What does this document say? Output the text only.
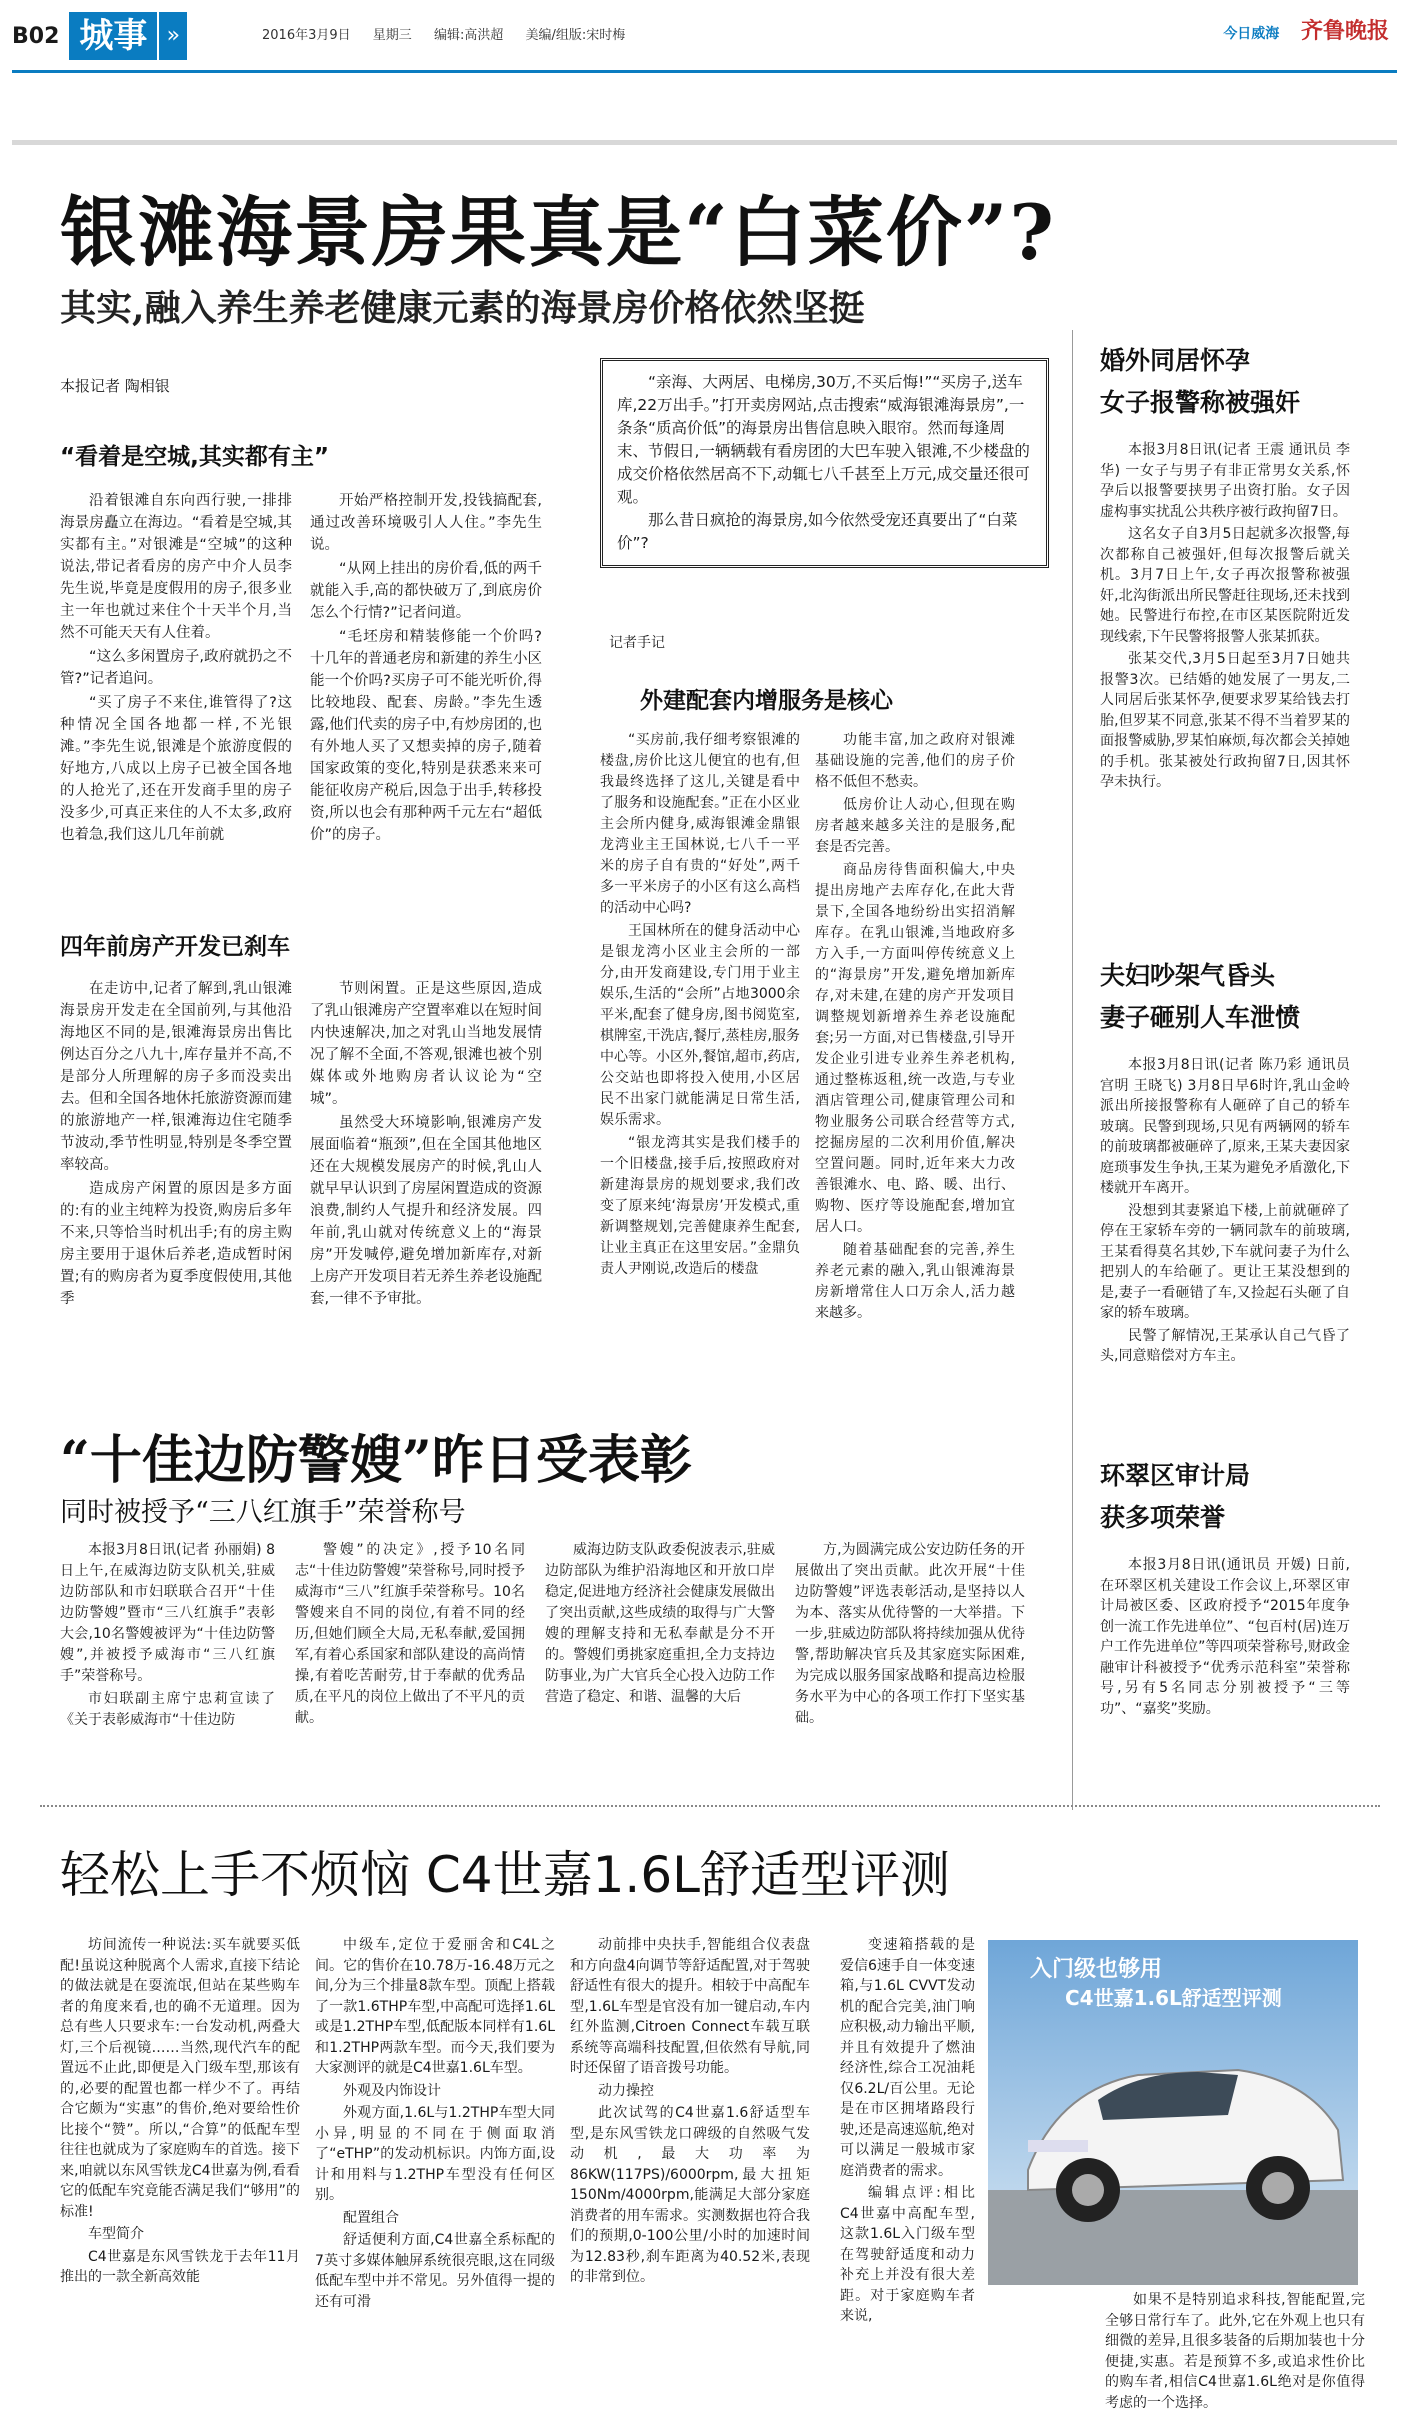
B02 城事 »	2016年3月9日 星期三 编辑:高洪超 美编/组版:宋时梅	今日威海 齐鲁晚报
银滩海景房果真是“白菜价”?
其实,融入养生养老健康元素的海景房价格依然坚挺
本报记者 陶相银	“亲海、大两居、电梯房,30万,不买后悔!”“买房子,送车库,22万出手。”打开卖房网站,点击搜索“威海银滩海景房”,一条条“质高价低”的海景房出售信息映入眼帘。然而每逢周末、节假日,一辆辆载有看房团的大巴车驶入银滩,不少楼盘的成交价格依然居高不下,动辄七八千甚至上万元,成交量还很可观。

那么昔日疯抢的海景房,如今依然受宠还真要出了“白菜价”?

记者手记
“看着是空城,其实都有主”

沿着银滩自东向西行驶,一排排海景房矗立在海边。“看着是空城,其实都有主。”对银滩是“空城”的这种说法,带记者看房的房产中介人员李先生说,毕竟是度假用的房子,很多业主一年也就过来住个十天半个月,当然不可能天天有人住着。

“这么多闲置房子,政府就扔之不管?”记者追问。

“买了房子不来住,谁管得了?这种情况全国各地都一样,不光银滩。”李先生说,银滩是个旅游度假的好地方,八成以上房子已被全国各地的人抢光了,还在开发商手里的房子没多少,可真正来住的人不太多,政府也着急,我们这儿几年前就

开始严格控制开发,投钱搞配套,通过改善环境吸引人人住。”李先生说。

“从网上挂出的房价看,低的两千就能入手,高的都快破万了,到底房价怎么个行情?”记者问道。

“毛坯房和精装修能一个价吗?十几年的普通老房和新建的养生小区能一个价吗?买房子可不能光听价,得比较地段、配套、房龄。”李先生透露,他们代卖的房子中,有炒房团的,也有外地人买了又想卖掉的房子,随着国家政策的变化,特别是获悉来来可能征收房产税后,因急于出手,转移投资,所以也会有那种两千元左右“超低价”的房子。

四年前房产开发已刹车

在走访中,记者了解到,乳山银滩海景房开发走在全国前列,与其他沿海地区不同的是,银滩海景房出售比例达百分之八九十,库存量并不高,不是部分人所理解的房子多而没卖出去。但和全国各地休托旅游资源而建的旅游地产一样,银滩海边住宅随季节波动,季节性明显,特别是冬季空置率较高。

造成房产闲置的原因是多方面的:有的业主纯粹为投资,购房后多年不来,只等恰当时机出手;有的房主购房主要用于退休后养老,造成暂时闲置;有的购房者为夏季度假使用,其他季

节则闲置。正是这些原因,造成了乳山银滩房产空置率难以在短时间内快速解决,加之对乳山当地发展情况了解不全面,不答观,银滩也被个别媒体或外地购房者认议论为“空城”。

虽然受大环境影响,银滩房产发展面临着“瓶颈”,但在全国其他地区还在大规模发展房产的时候,乳山人就早早认识到了房屋闲置造成的资源浪费,制约人气提升和经济发展。四年前,乳山就对传统意义上的“海景房”开发喊停,避免增加新库存,对新上房产开发项目若无养生养老设施配套,一律不予审批。

外建配套内增服务是核心

“买房前,我仔细考察银滩的楼盘,房价比这儿便宜的也有,但我最终选择了这儿,关键是看中了服务和设施配套。”正在小区业主会所内健身,威海银滩金鼎银龙湾业主王国林说,七八千一平米的房子自有贵的“好处”,两千多一平米房子的小区有这么高档的活动中心吗?

王国林所在的健身活动中心是银龙湾小区业主会所的一部分,由开发商建设,专门用于业主娱乐,生活的“会所”占地3000余平米,配套了健身房,图书阅览室,棋牌室,干洗店,餐厅,蒸桂房,服务中心等。小区外,餐馆,超市,药店,公交站也即将投入使用,小区居民不出家门就能满足日常生活,娱乐需求。

“银龙湾其实是我们楼手的一个旧楼盘,接手后,按照政府对新建海景房的规划要求,我们改变了原来纯‘海景房’开发模式,重新调整规划,完善健康养生配套,让业主真正在这里安居。”金鼎负责人尹刚说,改造后的楼盘

功能丰富,加之政府对银滩基础设施的完善,他们的房子价格不低但不愁卖。

低房价让人动心,但现在购房者越来越多关注的是服务,配套是否完善。

商品房待售面积偏大,中央提出房地产去库存化,在此大背景下,全国各地纷纷出实招消解库存。在乳山银滩,当地政府多方入手,一方面叫停传统意义上的“海景房”开发,避免增加新库存,对未建,在建的房产开发项目调整规划新增养生养老设施配套;另一方面,对已售楼盘,引导开发企业引进专业养生养老机构,通过整栋返租,统一改造,与专业酒店管理公司,健康管理公司和物业服务公司联合经营等方式,挖掘房屋的二次利用价值,解决空置问题。同时,近年来大力改善银滩水、电、路、暖、出行、购物、医疗等设施配套,增加宜居人口。

随着基础配套的完善,养生养老元素的融入,乳山银滩海景房新增常住人口万余人,活力越来越多。

婚外同居怀孕
女子报警称被强奸

本报3月8日讯(记者 王震 通讯员 李华) 一女子与男子有非正常男女关系,怀孕后以报警要挟男子出资打胎。女子因虚构事实扰乱公共秩序被行政拘留7日。

这名女子自3月5日起就多次报警,每次都称自己被强奸,但每次报警后就关机。3月7日上午,女子再次报警称被强奸,北沟街派出所民警赶往现场,还未找到她。民警进行布控,在市区某医院附近发现线索,下午民警将报警人张某抓获。

张某交代,3月5日起至3月7日她共报警3次。已结婚的她发展了一男友,二人同居后张某怀孕,便要求罗某给钱去打胎,但罗某不同意,张某不得不当着罗某的面报警威胁,罗某怕麻烦,每次都会关掉她的手机。张某被处行政拘留7日,因其怀孕未执行。

夫妇吵架气昏头
妻子砸别人车泄愤

本报3月8日讯(记者 陈乃彩 通讯员 宫明 王晓飞) 3月8日早6时许,乳山金岭派出所接报警称有人砸碎了自己的轿车玻璃。民警到现场,只见有两辆网的轿车的前玻璃都被砸碎了,原来,王某夫妻因家庭琐事发生争执,王某为避免矛盾激化,下楼就开车离开。

没想到其妻紧追下楼,上前就砸碎了停在王家轿车旁的一辆同款车的前玻璃,王某看得莫名其妙,下车就问妻子为什么把别人的车给砸了。更让王某没想到的是,妻子一看砸错了车,又捡起石头砸了自家的轿车玻璃。

民警了解情况,王某承认自己气昏了头,同意赔偿对方车主。

环翠区审计局
获多项荣誉

本报3月8日讯(通讯员 开媛) 日前,在环翠区机关建设工作会议上,环翠区审计局被区委、区政府授予“2015年度争创一流工作先进单位”、“包百村(居)连万户工作先进单位”等四项荣誉称号,财政金融审计科被授予“优秀示范科室”荣誉称号,另有5名同志分别被授予“三等功”、“嘉奖”奖励。

“十佳边防警嫂”昨日受表彰
同时被授予“三八红旗手”荣誉称号

本报3月8日讯(记者 孙丽娟) 8日上午,在威海边防支队机关,驻威边防部队和市妇联联合召开“十佳边防警嫂”暨市“三八红旗手”表彰大会,10名警嫂被评为“十佳边防警嫂”,并被授予威海市“三八红旗手”荣誉称号。

市妇联副主席宁忠莉宣读了《关于表彰威海市“十佳边防

警嫂”的决定》,授予10名同志“十佳边防警嫂”荣誉称号,同时授予威海市“三八”红旗手荣誉称号。10名警嫂来自不同的岗位,有着不同的经历,但她们顾全大局,无私奉献,爱国拥军,有着心系国家和部队建设的高尚情操,有着吃苦耐劳,甘于奉献的优秀品质,在平凡的岗位上做出了不平凡的贡献。

威海边防支队政委倪波表示,驻威边防部队为维护沿海地区和开放口岸稳定,促进地方经济社会健康发展做出了突出贡献,这些成绩的取得与广大警嫂的理解支持和无私奉献是分不开的。警嫂们勇挑家庭重担,全力支持边防事业,为广大官兵全心投入边防工作营造了稳定、和谐、温馨的大后

方,为圆满完成公安边防任务的开展做出了突出贡献。此次开展“十佳边防警嫂”评选表彰活动,是坚持以人为本、落实从优待警的一大举措。下一步,驻威边防部队将持续加强从优待警,帮助解决官兵及其家庭实际困难,为完成以服务国家战略和提高边检服务水平为中心的各项工作打下坚实基础。

轻松上手不烦恼 C4世嘉1.6L舒适型评测

坊间流传一种说法:买车就要买低配!虽说这种脱离个人需求,直接下结论的做法就是在耍流氓,但站在某些购车者的角度来看,也的确不无道理。因为总有些人只要求车:一台发动机,两叠大灯,三个后视镜……当然,现代汽车的配置远不止此,即便是入门级车型,那该有的,必要的配置也都一样少不了。再结合它颇为“实惠”的售价,绝对要给性价比接个“赞”。所以,“合算”的低配车型往往也就成为了家庭购车的首选。接下来,咱就以东风雪铁龙C4世嘉为例,看看它的低配车究竟能否满足我们“够用”的标准!

车型简介

C4世嘉是东风雪铁龙于去年11月推出的一款全新高效能

中级车,定位于爱丽舍和C4L之间。它的售价在10.78万-16.48万元之间,分为三个排量8款车型。顶配上搭载了一款1.6THP车型,中高配可选择1.6L或是1.2THP车型,低配版本同样有1.6L和1.2THP两款车型。而今天,我们要为大家测评的就是C4世嘉1.6L车型。

外观及内饰设计

外观方面,1.6L与1.2THP车型大同小异,明显的不同在于侧面取消了“eTHP”的发动机标识。内饰方面,设计和用料与1.2THP车型没有任何区别。

配置组合

舒适便利方面,C4世嘉全系标配的7英寸多媒体触屏系统很亮眼,这在同级低配车型中并不常见。另外值得一提的还有可滑

动前排中央扶手,智能组合仪表盘和方向盘4向调节等舒适配置,对于驾驶舒适性有很大的提升。相较于中高配车型,1.6L车型是官没有加一键启动,车内红外监测,Citroen Connect车载互联系统等高端科技配置,但依然有导航,同时还保留了语音拨号功能。

动力操控

此次试驾的C4世嘉1.6舒适型车型,是东风雪铁龙口碑级的自然吸气发动机,最大功率为86KW(117PS)/6000rpm,最大扭矩150Nm/4000rpm,能满足大部分家庭消费者的用车需求。实测数据也符合我们的预期,0-100公里/小时的加速时间为12.83秒,刹车距离为40.52米,表现的非常到位。

变速箱搭载的是爱信6速手自一体变速箱,与1.6L CVVT发动机的配合完美,油门响应积极,动力输出平顺,并且有效提升了燃油经济性,综合工况油耗仅6.2L/百公里。无论是在市区拥堵路段行驶,还是高速巡航,绝对可以满足一般城市家庭消费者的需求。

编辑点评:相比C4世嘉中高配车型,这款1.6L入门级车型在驾驶舒适度和动力补充上并没有很大差距。对于家庭购车者来说,

入门级也够用
C4世嘉1.6L舒适型评测

如果不是特别追求科技,智能配置,完全够日常行车了。此外,它在外观上也只有细微的差异,且很多装备的后期加装也十分便捷,实惠。若是预算不多,或追求性价比的购车者,相信C4世嘉1.6L绝对是你值得考虑的一个选择。
